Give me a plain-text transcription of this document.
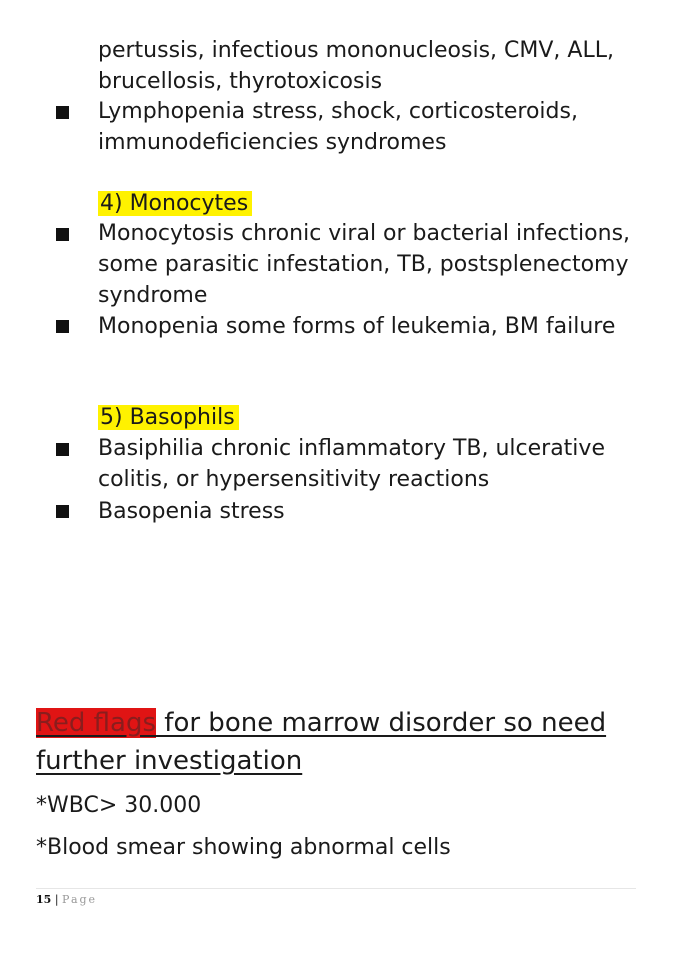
pertussis, infectious mononucleosis, CMV, ALL, brucellosis, thyrotoxicosis
Lymphopenia stress, shock, corticosteroids, immunodeficiencies syndromes
4) Monocytes
Monocytosis chronic viral or bacterial infections, some parasitic infestation, TB, postsplenectomy syndrome
Monopenia some forms of leukemia, BM failure
5) Basophils
Basiphilia chronic inflammatory TB, ulcerative colitis, or hypersensitivity reactions
Basopenia stress
Red flags for bone marrow disorder so need further investigation
*WBC> 30.000
*Blood smear showing abnormal cells
15 | Page
